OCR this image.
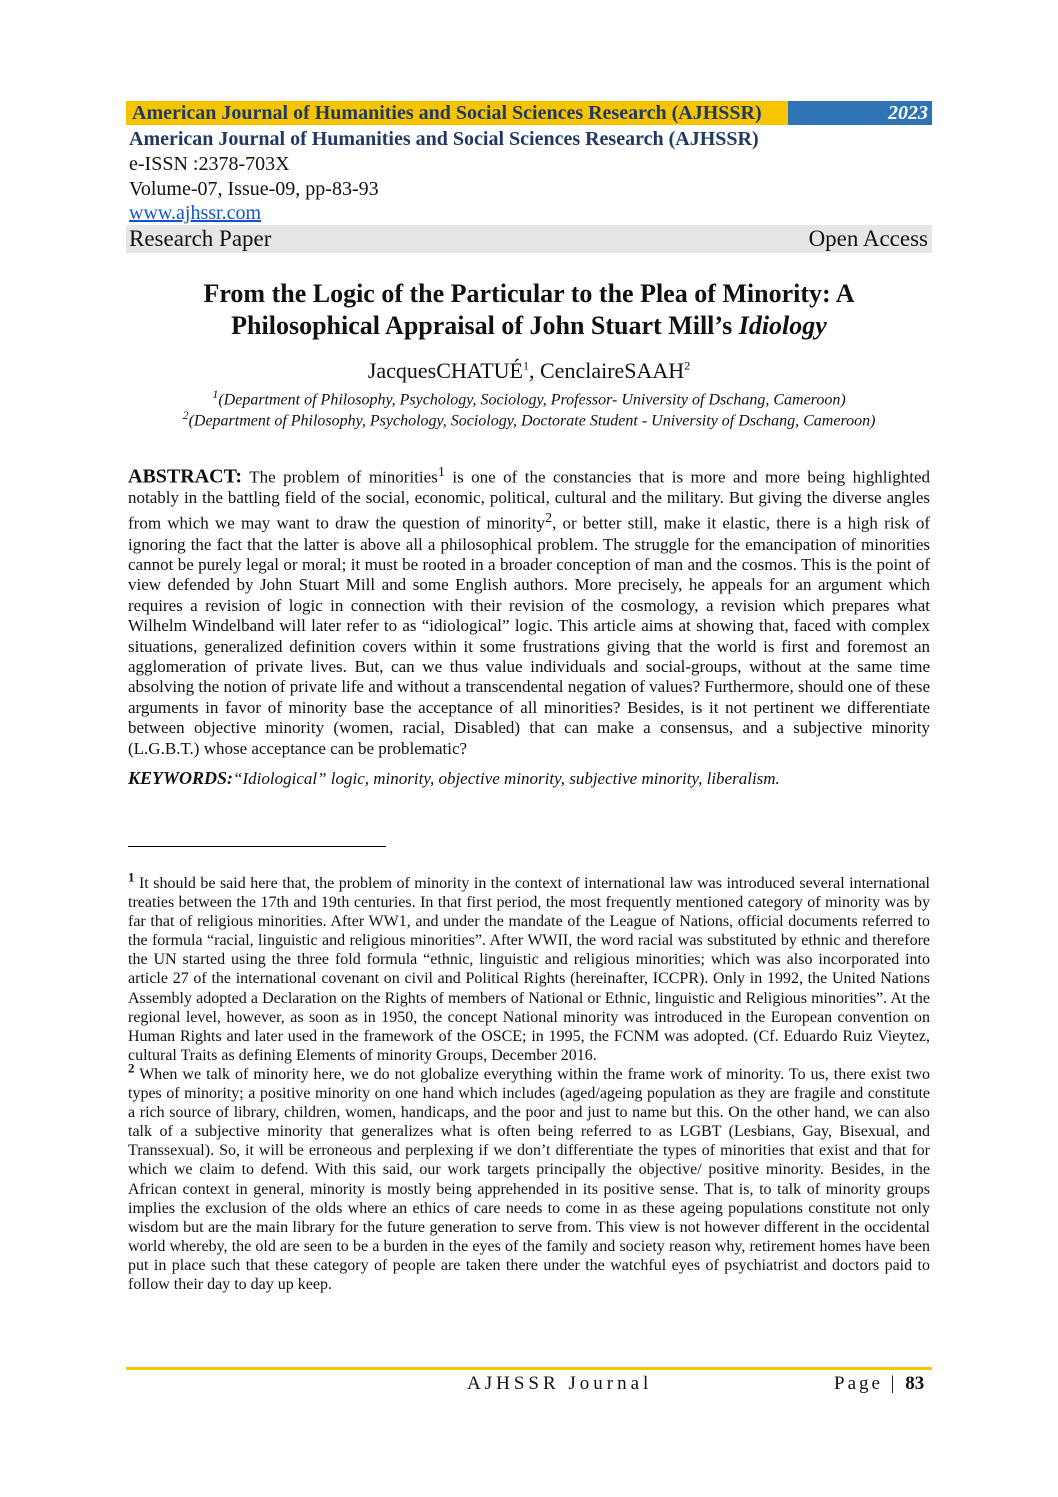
American Journal of Humanities and Social Sciences Research (AJHSSR)	2023
American Journal of Humanities and Social Sciences Research (AJHSSR)
e-ISSN :2378-703X
Volume-07, Issue-09, pp-83-93
www.ajhssr.com
Research Paper	Open Access
From the Logic of the Particular to the Plea of Minority: A
Philosophical Appraisal of John Stuart Mill’s Idiology
JacquesCHATUÉ$^1$, CenclaireSAAH$^2$
$^1$(Department of Philosophy, Psychology, Sociology, Professor- University of Dschang, Cameroon)
$^2$(Department of Philosophy, Psychology, Sociology, Doctorate Student - University of Dschang, Cameroon)
ABSTRACT: The problem of minorities$^1$ is one of the constancies that is more and more being highlighted notably in the battling field of the social, economic, political, cultural and the military. But giving the diverse angles from which we may want to draw the question of minority$^2$, or better still, make it elastic, there is a high risk of ignoring the fact that the latter is above all a philosophical problem. The struggle for the emancipation of minorities cannot be purely legal or moral; it must be rooted in a broader conception of man and the cosmos. This is the point of view defended by John Stuart Mill and some English authors. More precisely, he appeals for an argument which requires a revision of logic in connection with their revision of the cosmology, a revision which prepares what Wilhelm Windelband will later refer to as “idiological” logic. This article aims at showing that, faced with complex situations, generalized definition covers within it some frustrations giving that the world is first and foremost an agglomeration of private lives. But, can we thus value individuals and social-groups, without at the same time absolving the notion of private life and without a transcendental negation of values? Furthermore, should one of these arguments in favor of minority base the acceptance of all minorities? Besides, is it not pertinent we differentiate between objective minority (women, racial, Disabled) that can make a consensus, and a subjective minority (L.G.B.T.) whose acceptance can be problematic?
KEYWORDS:“Idiological” logic, minority, objective minority, subjective minority, liberalism.

$^1$ It should be said here that, the problem of minority in the context of international law was introduced several international treaties between the 17th and 19th centuries. In that first period, the most frequently mentioned category of minority was by far that of religious minorities. After WW1, and under the mandate of the League of Nations, official documents referred to the formula “racial, linguistic and religious minorities”. After WWII, the word racial was substituted by ethnic and therefore the UN started using the three fold formula “ethnic, linguistic and religious minorities; which was also incorporated into article 27 of the international covenant on civil and Political Rights (hereinafter, ICCPR). Only in 1992, the United Nations Assembly adopted a Declaration on the Rights of members of National or Ethnic, linguistic and Religious minorities”. At the regional level, however, as soon as in 1950, the concept National minority was introduced in the European convention on Human Rights and later used in the framework of the OSCE; in 1995, the FCNM was adopted. (Cf. Eduardo Ruiz Vieytez, cultural Traits as defining Elements of minority Groups, December 2016.

$^2$ When we talk of minority here, we do not globalize everything within the frame work of minority. To us, there exist two types of minority; a positive minority on one hand which includes (aged/ageing population as they are fragile and constitute a rich source of library, children, women, handicaps, and the poor and just to name but this. On the other hand, we can also talk of a subjective minority that generalizes what is often being referred to as LGBT (Lesbians, Gay, Bisexual, and Transsexual). So, it will be erroneous and perplexing if we don’t differentiate the types of minorities that exist and that for which we claim to defend. With this said, our work targets principally the objective/ positive minority. Besides, in the African context in general, minority is mostly being apprehended in its positive sense. That is, to talk of minority groups implies the exclusion of the olds where an ethics of care needs to come in as these ageing populations constitute not only wisdom but are the main library for the future generation to serve from. This view is not however different in the occidental world whereby, the old are seen to be a burden in the eyes of the family and society reason why, retirement homes have been put in place such that these category of people are taken there under the watchful eyes of psychiatrist and doctors paid to follow their day to day up keep.

AJHSSR Journal	Page | 83
